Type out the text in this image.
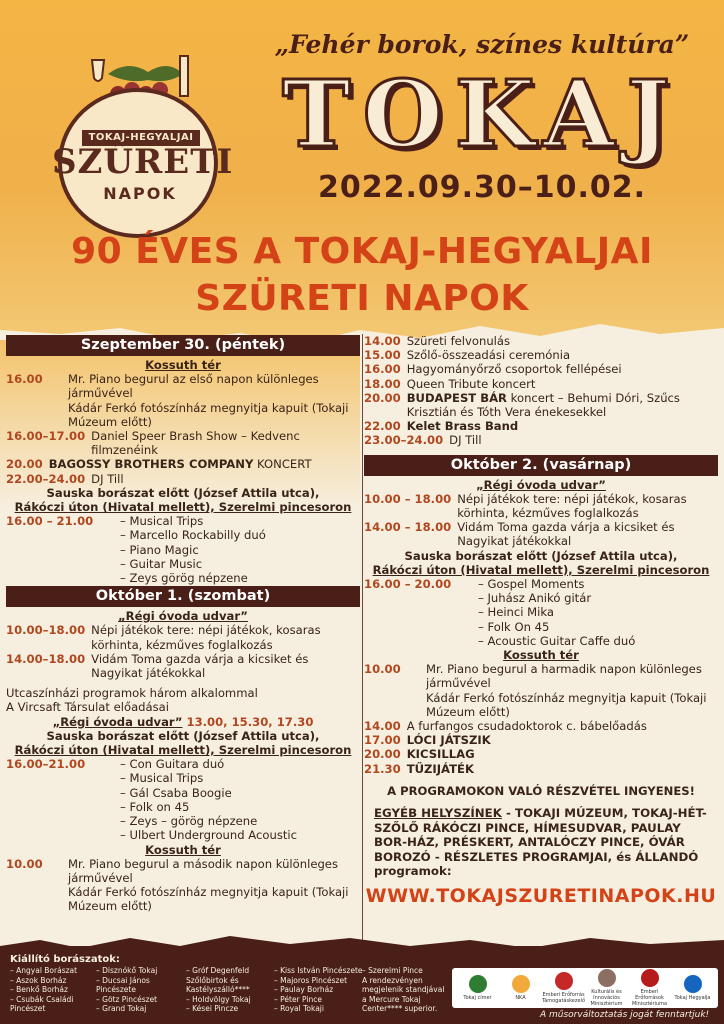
TOKAJ-HEGYALJAI
SZÜRETI
NAPOK
„Fehér borok, színes kultúra”
TOKAJ
2022.09.30–10.02.
90 ÉVES A TOKAJ-HEGYALJAI
SZÜRETI NAPOK
Szeptember 30. (péntek)
Kossuth tér
16.00	Mr. Piano begurul az első napon különleges járművével
Kádár Ferkó fotószínház megnyitja kapuit (Tokaji Múzeum előtt)
16.00–17.00 Daniel Speer Brash Show – Kedvenc filmzenéink
20.00 BAGOSSY BROTHERS COMPANY KONCERT
22.00–24.00 DJ Till
Sauska borászat előtt (József Attila utca),
Rákóczi úton (Hivatal mellett), Szerelmi pincesoron
16.00 – 21.00	– Musical Trips
– Marcello Rockabilly duó
– Piano Magic
– Guitar Music
– Zeys görög népzene
Október 1. (szombat)
„Régi óvoda udvar”
10.00–18.00 Népi játékok tere: népi játékok, kosaras körhinta, kézműves foglalkozás
14.00–18.00 Vidám Toma gazda várja a kicsiket és Nagyikat játékokkal
Utcaszínházi programok három alkalommal
A Vircsaft Társulat előadásai
„Régi óvoda udvar” 13.00, 15.30, 17.30
Sauska borászat előtt (József Attila utca),
Rákóczi úton (Hivatal mellett), Szerelmi pincesoron
16.00–21.00	– Con Guitara duó
– Musical Trips
– Gál Csaba Boogie
– Folk on 45
– Zeys – görög népzene
– Ulbert Underground Acoustic
Kossuth tér
10.00	Mr. Piano begurul a második napon különleges járművével
Kádár Ferkó fotószínház megnyitja kapuit (Tokaji Múzeum előtt)
14.00 Szüreti felvonulás
15.00 Szőlő-összeadási ceremónia
16.00 Hagyományőrző csoportok fellépései
18.00 Queen Tribute koncert
20.00 BUDAPEST BÁR koncert – Behumi Dóri, Szűcs Krisztián és Tóth Vera énekesekkel
22.00 Kelet Brass Band
23.00–24.00 DJ Till
Október 2. (vasárnap)
„Régi óvoda udvar”
10.00 – 18.00 Népi játékok tere: népi játékok, kosaras körhinta, kézműves foglalkozás
14.00 – 18.00 Vidám Toma gazda várja a kicsiket és Nagyikat játékokkal
Sauska borászat előtt (József Attila utca),
Rákóczi úton (Hivatal mellett), Szerelmi pincesoron
16.00 – 20.00	– Gospel Moments
– Juhász Anikó gitár
– Heinci Mika
– Folk On 45
– Acoustic Guitar Caffe duó
Kossuth tér
10.00	Mr. Piano begurul a harmadik napon különleges járművével
Kádár Ferkó fotószínház megnyitja kapuit (Tokaji Múzeum előtt)
14.00 A furfangos csudadoktorok c. bábelőadás
17.00 LÓCI JÁTSZIK
20.00 KICSILLAG
21.30 TŰZIJÁTÉK
A PROGRAMOKON VALÓ RÉSZVÉTEL INGYENES!
EGYÉB HELYSZÍNEK - TOKAJI MÚZEUM, TOKAJ-HÉT-SZŐLŐ RÁKÓCZI PINCE, HÍMESUDVAR, PAULAY BOR-HÁZ, PRÉSKERT, ANTALÓCZY PINCE, ÓVÁR BOROZÓ - RÉSZLETES PROGRAMJAI, és ÁLLANDÓ programok:
WWW.TOKAJSZURETINAPOK.HU
Kiállító borászatok:
– Angyal Borászat
– Aszok Borház
– Benkő Borház
– Csubák Családi
Pincészet
– Disznókő Tokaj
– Ducsai János
Pincészete
– Götz Pincészet
– Grand Tokaj
– Gróf Degenfeld
Szőlőbirtok és
Kastélyszálló****
– Holdvölgy Tokaj
– Kései Pincze
– Kiss István Pincészete
– Majoros Pincészet
– Paulay Borház
– Péter Pince
– Royal Tokaji
– Szerelmi Pince
A rendezvényen
megjelenik standjával
a Mercure Tokaj
Center**** superior.
Tokaj címer	NKA	Emberi Erőforrás Támogatáskezelő
Kulturális és Innovációs Minisztérium
Emberi Erőforrások Minisztériuma
Tokaj Hegyalja
A műsorváltoztatás jogát fenntartjuk!
